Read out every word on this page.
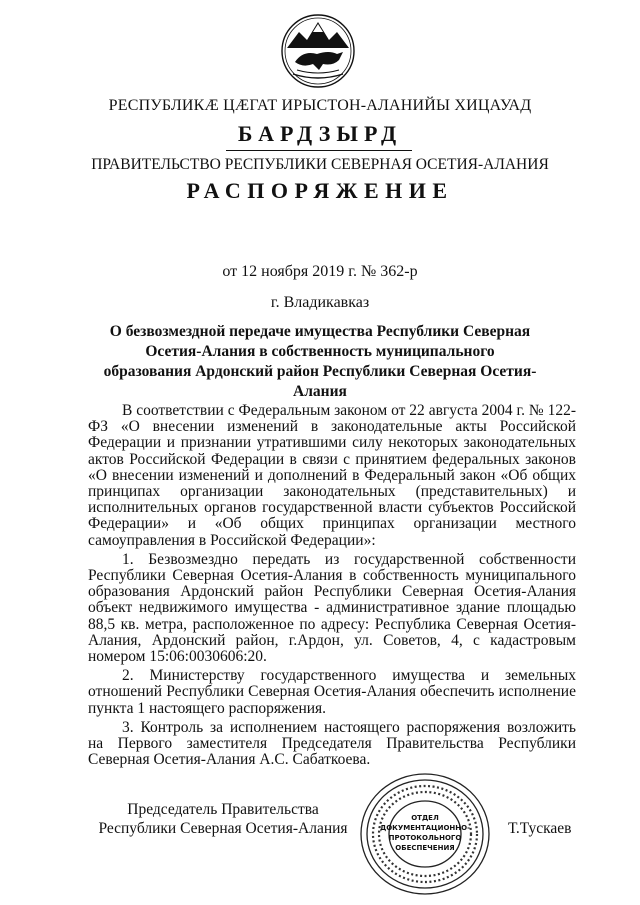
РЕСПУБЛИКÆ ЦÆГАТ ИРЫСТОН-АЛАНИЙЫ ХИЦАУАД
БАРДЗЫРД
ПРАВИТЕЛЬСТВО РЕСПУБЛИКИ СЕВЕРНАЯ ОСЕТИЯ-АЛАНИЯ
РАСПОРЯЖЕНИЕ
от 12 ноября 2019 г. № 362-р
г. Владикавказ
О безвозмездной передаче имущества Республики Северная Осетия-Алания в собственность муниципального образования Ардонский район Республики Северная Осетия-Алания

В соответствии с Федеральным законом от 22 августа 2004 г. № 122-ФЗ «О внесении изменений в законодательные акты Российской Федерации и признании утратившими силу некоторых законодательных актов Российской Федерации в связи с принятием федеральных законов «О внесении изменений и дополнений в Федеральный закон «Об общих принципах организации законодательных (представительных) и исполнительных органов государственной власти субъектов Российской Федерации» и «Об общих принципах организации местного самоуправления в Российской Федерации»:

1. Безвозмездно передать из государственной собственности Республики Северная Осетия-Алания в собственность муниципального образования Ардонский район Республики Северная Осетия-Алания объект недвижимого имущества - административное здание площадью 88,5 кв. метра, расположенное по адресу: Республика Северная Осетия-Алания, Ардонский район, г.Ардон, ул. Советов, 4, с кадастровым номером 15:06:0030606:20.

2. Министерству государственного имущества и земельных отношений Республики Северная Осетия-Алания обеспечить исполнение пункта 1 настоящего распоряжения.

3. Контроль за исполнением настоящего распоряжения возложить на Первого заместителя Председателя Правительства Республики Северная Осетия-Алания А.С. Сабаткоева.

Председатель Правительства
Республики Северная Осетия-Алания
ОТДЕЛ
ДОКУМЕНТАЦИОННО-
ПРОТОКОЛЬНОГО
ОБЕСПЕЧЕНИЯ
Т.Тускаев
